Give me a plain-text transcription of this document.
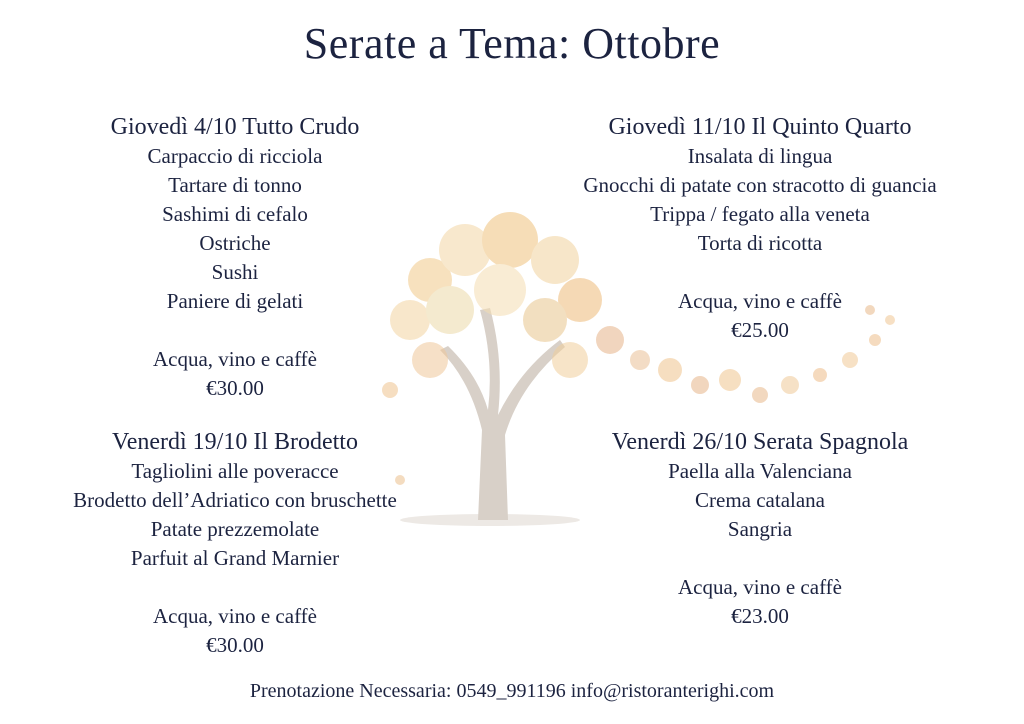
Serate a Tema: Ottobre
Giovedì 4/10 Tutto Crudo
Carpaccio di ricciola
Tartare di tonno
Sashimi di cefalo
Ostriche
Sushi
Paniere di gelati
Acqua, vino e caffè
€30.00
Giovedì 11/10 Il Quinto Quarto
Insalata di lingua
Gnocchi di patate con stracotto di guancia
Trippa / fegato alla veneta
Torta di ricotta
Acqua, vino e caffè
€25.00
Venerdì 19/10 Il Brodetto
Tagliolini alle poveracce
Brodetto dell’Adriatico con bruschette
Patate prezzemolate
Parfuit al Grand Marnier
Acqua, vino e caffè
€30.00
Venerdì 26/10 Serata Spagnola
Paella alla Valenciana
Crema catalana
Sangria
Acqua, vino e caffè
€23.00
Prenotazione Necessaria: 0549_991196 info@ristoranterighi.com
